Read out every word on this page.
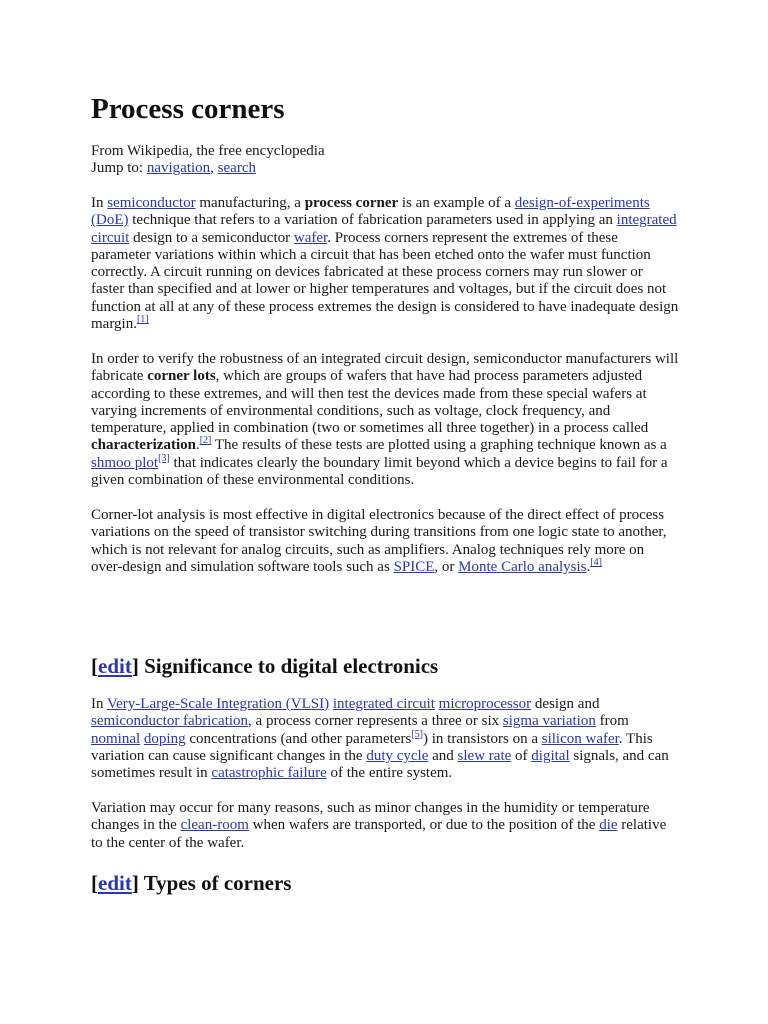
Process corners
From Wikipedia, the free encyclopedia
Jump to: navigation, search

In semiconductor manufacturing, a process corner is an example of a design-of-experiments (DoE) technique that refers to a variation of fabrication parameters used in applying an integrated circuit design to a semiconductor wafer. Process corners represent the extremes of these parameter variations within which a circuit that has been etched onto the wafer must function correctly. A circuit running on devices fabricated at these process corners may run slower or faster than specified and at lower or higher temperatures and voltages, but if the circuit does not function at all at any of these process extremes the design is considered to have inadequate design margin.[1]

In order to verify the robustness of an integrated circuit design, semiconductor manufacturers will fabricate corner lots, which are groups of wafers that have had process parameters adjusted according to these extremes, and will then test the devices made from these special wafers at varying increments of environmental conditions, such as voltage, clock frequency, and temperature, applied in combination (two or sometimes all three together) in a process called characterization.[2] The results of these tests are plotted using a graphing technique known as a shmoo plot[3] that indicates clearly the boundary limit beyond which a device begins to fail for a given combination of these environmental conditions.

Corner-lot analysis is most effective in digital electronics because of the direct effect of process variations on the speed of transistor switching during transitions from one logic state to another, which is not relevant for analog circuits, such as amplifiers. Analog techniques rely more on over-design and simulation software tools such as SPICE, or Monte Carlo analysis.[4]

[edit] Significance to digital electronics

In Very-Large-Scale Integration (VLSI) integrated circuit microprocessor design and semiconductor fabrication, a process corner represents a three or six sigma variation from nominal doping concentrations (and other parameters[5]) in transistors on a silicon wafer. This variation can cause significant changes in the duty cycle and slew rate of digital signals, and can sometimes result in catastrophic failure of the entire system.

Variation may occur for many reasons, such as minor changes in the humidity or temperature changes in the clean-room when wafers are transported, or due to the position of the die relative to the center of the wafer.

[edit] Types of corners
